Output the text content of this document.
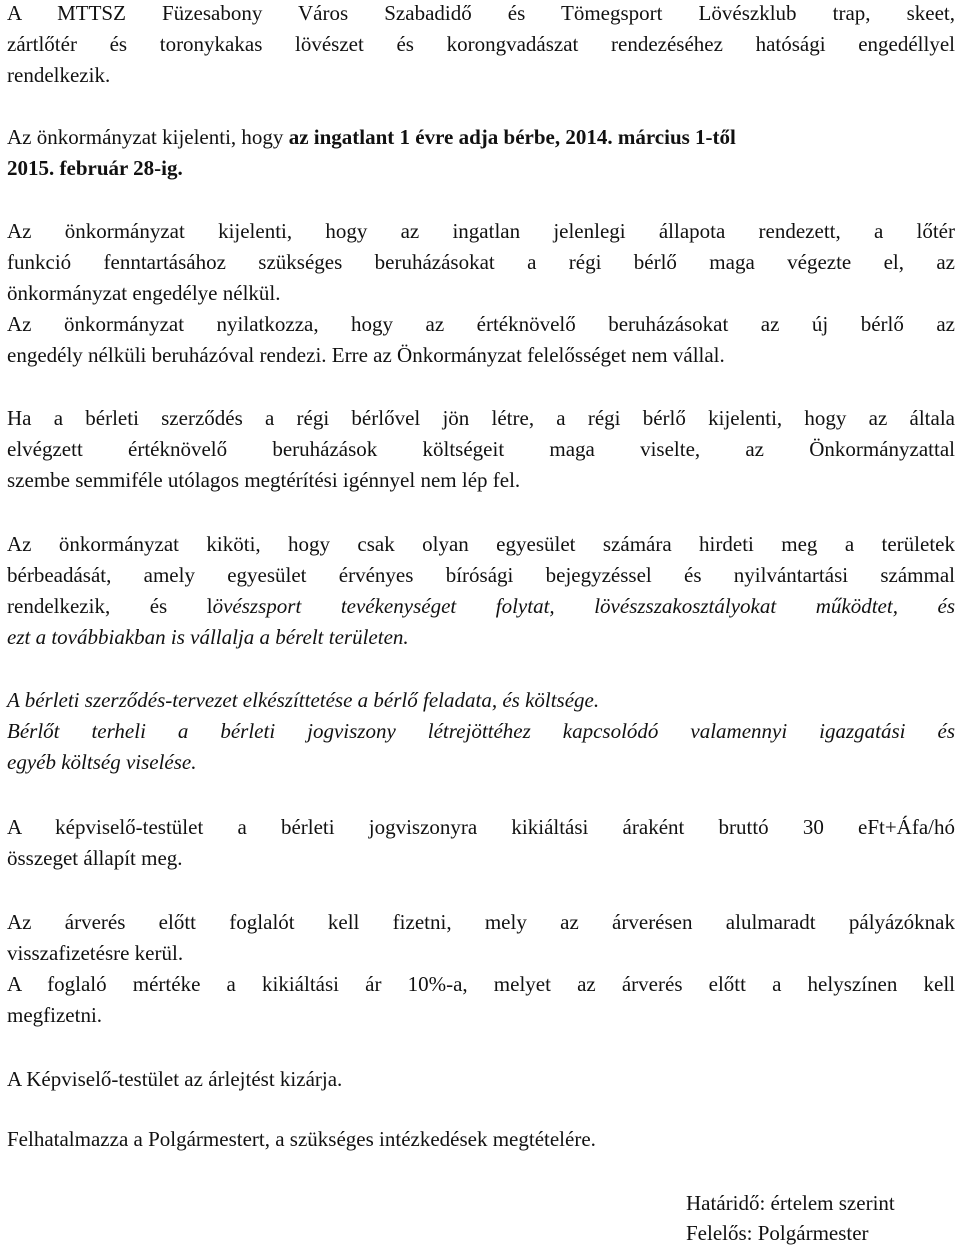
A MTTSZ Füzesabony Város Szabadidő és Tömegsport Lövészklub trap, skeet,
zártlőtér és toronykakas lövészet és korongvadászat rendezéséhez hatósági engedéllyel
rendelkezik.
Az önkormányzat kijelenti, hogy az ingatlant 1 évre adja bérbe, 2014. március 1-től
2015. február 28-ig.
Az önkormányzat kijelenti, hogy az ingatlan jelenlegi állapota rendezett, a lőtér
funkció fenntartásához szükséges beruházásokat a régi bérlő maga végezte el, az
önkormányzat engedélye nélkül.
Az önkormányzat nyilatkozza, hogy az értéknövelő beruházásokat az új bérlő az
engedély nélküli beruházóval rendezi. Erre az Önkormányzat felelősséget nem vállal.
Ha a bérleti szerződés a régi bérlővel jön létre, a régi bérlő kijelenti, hogy az általa
elvégzett értéknövelő beruházások költségeit maga viselte, az Önkormányzattal
szembe semmiféle utólagos megtérítési igénnyel nem lép fel.
Az önkormányzat kiköti, hogy csak olyan egyesület számára hirdeti meg a területek
bérbeadását, amely egyesület érvényes bírósági bejegyzéssel és nyilvántartási számmal
rendelkezik, és lövészsport tevékenységet folytat, lövészszakosztályokat működtet, és
ezt a továbbiakban is vállalja a bérelt területen.
A bérleti szerződés-tervezet elkészíttetése a bérlő feladata, és költsége.
Bérlőt terheli a bérleti jogviszony létrejöttéhez kapcsolódó valamennyi igazgatási és
egyéb költség viselése.
A képviselő-testület a bérleti jogviszonyra kikiáltási áraként bruttó 30 eFt+Áfa/hó
összeget állapít meg.
Az árverés előtt foglalót kell fizetni, mely az árverésen alulmaradt pályázóknak
visszafizetésre kerül.
A foglaló mértéke a kikiáltási ár 10%-a, melyet az árverés előtt a helyszínen kell
megfizetni.
A Képviselő-testület az árlejtést kizárja.
Felhatalmazza a Polgármestert, a szükséges intézkedések megtételére.
Határidő: értelem szerint
Felelős: Polgármester
